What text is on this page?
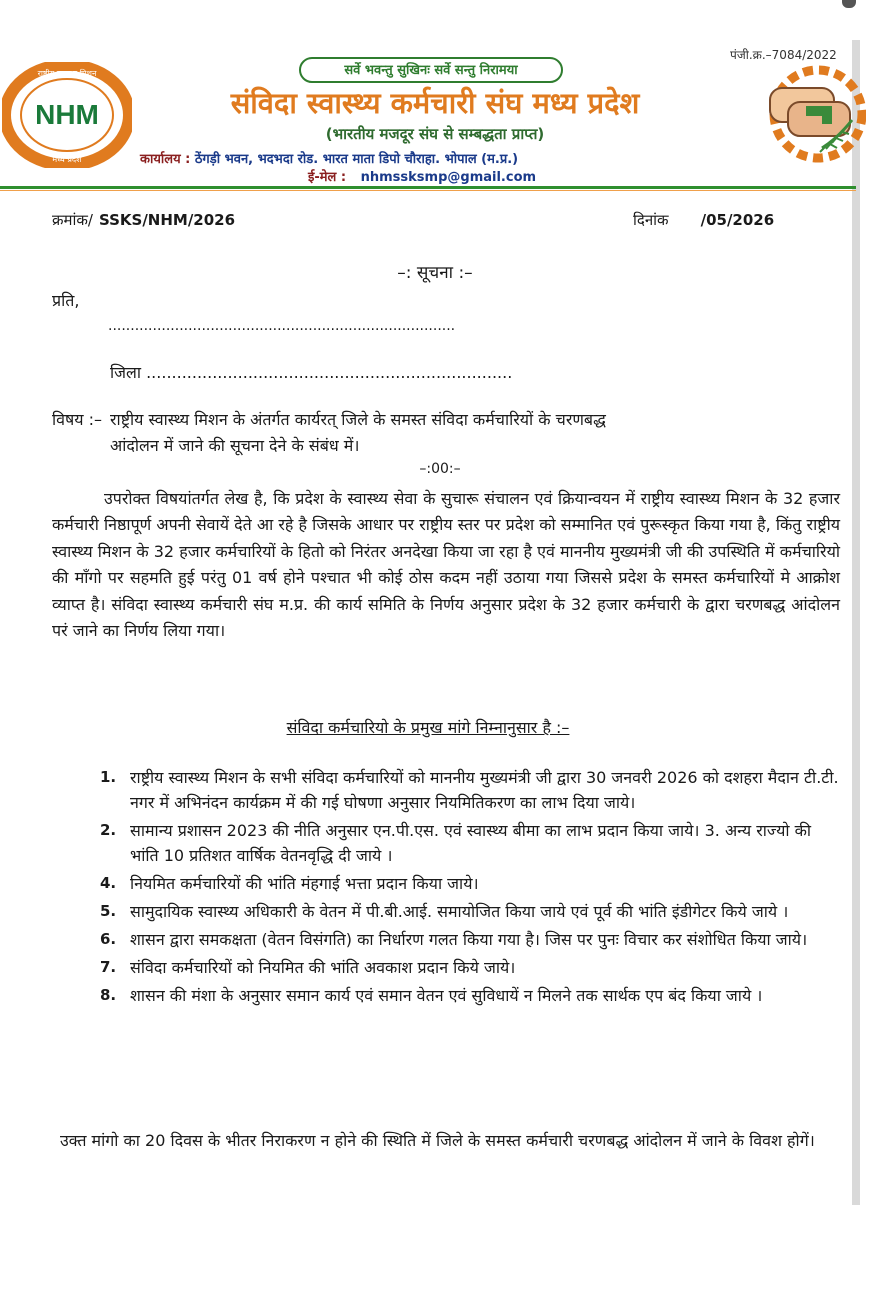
NHM
राष्ट्रीय स्वास्थ्य मिशन
मध्य प्रदेश
सर्वे भवन्तु सुखिनः सर्वे सन्तु निरामया
पंजी.क्र.–7084/2022
संविदा स्वास्थ्य कर्मचारी संघ मध्य प्रदेश
(भारतीय मजदूर संघ से सम्बद्धता प्राप्त)
कार्यालय : ठेंगड़ी भवन, भदभदा रोड. भारत माता डिपो चौराहा. भोपाल (म.प्र.)
ई-मेल : nhmssksmp@gmail.com
क्रमांक/ SSKS/NHM/2026	दिनांक /05/2026
–: सूचना :–
प्रति,
..............................................................................
जिला ........................................................................
विषय :– राष्ट्रीय स्वास्थ्य मिशन के अंतर्गत कार्यरत् जिले के समस्त संविदा कर्मचारियों के चरणबद्ध
आंदोलन में जाने की सूचना देने के संबंध में।
–:00:–
उपरोक्त विषयांतर्गत लेख है, कि प्रदेश के स्वास्थ्य सेवा के सुचारू संचालन एवं क्रियान्वयन में राष्ट्रीय स्वास्थ्य मिशन के 32 हजार कर्मचारी निष्ठापूर्ण अपनी सेवायें देते आ रहे है जिसके आधार पर राष्ट्रीय स्तर पर प्रदेश को सम्मानित एवं पुरूस्कृत किया गया है, किंतु राष्ट्रीय स्वास्थ्य मिशन के 32 हजार कर्मचारियों के हितो को निरंतर अनदेखा किया जा रहा है एवं माननीय मुख्यमंत्री जी की उपस्थिति में कर्मचारियो की माँगो पर सहमति हुई परंतु 01 वर्ष होने पश्चात भी कोई ठोस कदम नहीं उठाया गया जिससे प्रदेश के समस्त कर्मचारियों मे आक्रोश व्याप्त है। संविदा स्वास्थ्य कर्मचारी संघ म.प्र. की कार्य समिति के निर्णय अनुसार प्रदेश के 32 हजार कर्मचारी के द्वारा चरणबद्ध आंदोलन परं जाने का निर्णय लिया गया।
संविदा कर्मचारियो के प्रमुख मांगे निम्नानुसार है :–
1. राष्ट्रीय स्वास्थ्य मिशन के सभी संविदा कर्मचारियों को माननीय मुख्यमंत्री जी द्वारा 30 जनवरी 2026 को दशहरा मैदान टी.टी. नगर में अभिनंदन कार्यक्रम में की गई घोषणा अनुसार नियमितिकरण का लाभ दिया जाये।
2. सामान्य प्रशासन 2023 की नीति अनुसार एन.पी.एस. एवं स्वास्थ्य बीमा का लाभ प्रदान किया जाये। 3. अन्य राज्यो की भांति 10 प्रतिशत वार्षिक वेतनवृद्धि दी जाये ।
4. नियमित कर्मचारियों की भांति मंहगाई भत्ता प्रदान किया जाये।
5. सामुदायिक स्वास्थ्य अधिकारी के वेतन में पी.बी.आई. समायोजित किया जाये एवं पूर्व की भांति इंडीगेटर किये जाये ।
6. शासन द्वारा समकक्षता (वेतन विसंगति) का निर्धारण गलत किया गया है। जिस पर पुनः विचार कर संशोधित किया जाये।
7. संविदा कर्मचारियों को नियमित की भांति अवकाश प्रदान किये जाये।
8. शासन की मंशा के अनुसार समान कार्य एवं समान वेतन एवं सुविधायें न मिलने तक सार्थक एप बंद किया जाये ।
उक्त मांगो का 20 दिवस के भीतर निराकरण न होने की स्थिति में जिले के समस्त कर्मचारी चरणबद्ध आंदोलन में जाने के विवश होगें।
